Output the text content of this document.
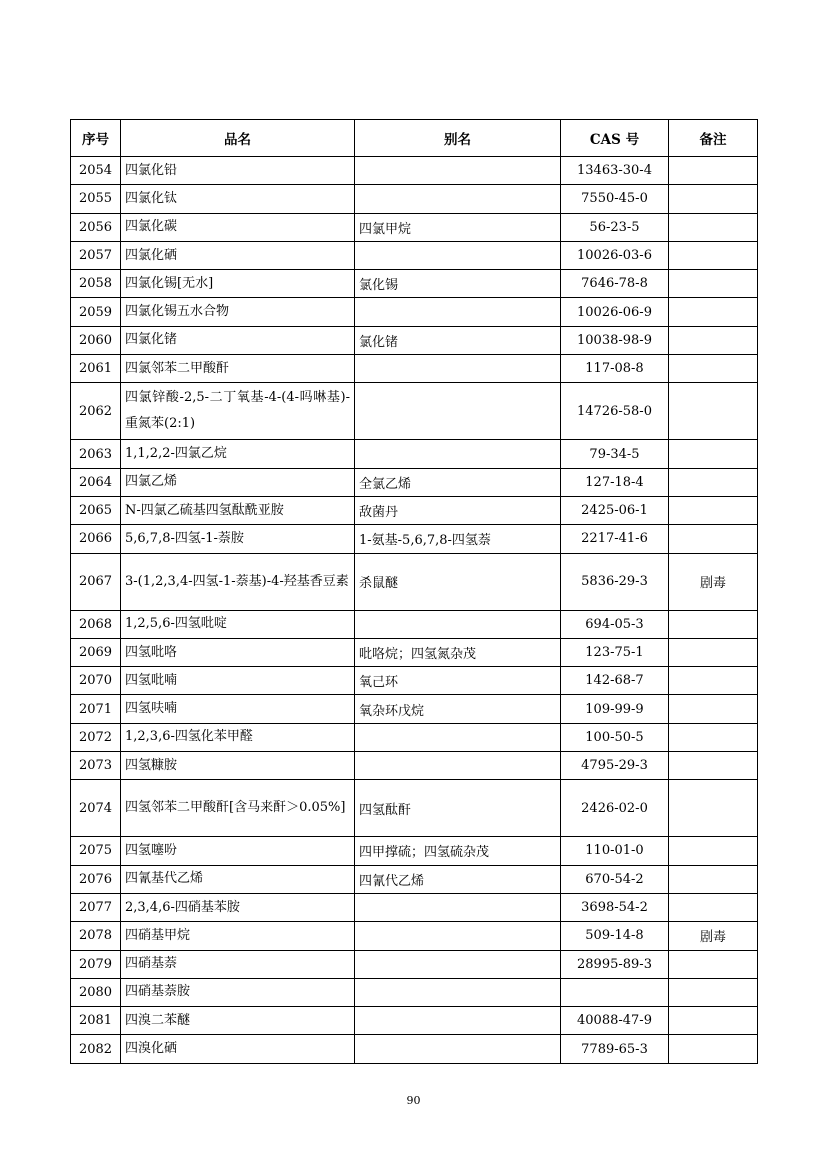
序号	品名	别名	CAS 号	备注
2054	四氯化铅		13463-30-4	
2055	四氯化钛		7550-45-0	
2056	四氯化碳	四氯甲烷	56-23-5	
2057	四氯化硒		10026-03-6	
2058	四氯化锡[无水]	氯化锡	7646-78-8	
2059	四氯化锡五水合物		10026-06-9	
2060	四氯化锗	氯化锗	10038-98-9	
2061	四氯邻苯二甲酸酐		117-08-8	
2062	四氯锌酸-2,5-二丁氧基-4-(4-吗啉基)-重氮苯(2:1)		14726-58-0	
2063	1,1,2,2-四氯乙烷		79-34-5	
2064	四氯乙烯	全氯乙烯	127-18-4	
2065	N-四氯乙硫基四氢酞酰亚胺	敌菌丹	2425-06-1	
2066	5,6,7,8-四氢-1-萘胺	1-氨基-5,6,7,8-四氢萘	2217-41-6	
2067	3-(1,2,3,4-四氢-1-萘基)-4-羟基香豆素	杀鼠醚	5836-29-3	剧毒
2068	1,2,5,6-四氢吡啶		694-05-3	
2069	四氢吡咯	吡咯烷；四氢氮杂茂	123-75-1	
2070	四氢吡喃	氧己环	142-68-7	
2071	四氢呋喃	氧杂环戊烷	109-99-9	
2072	1,2,3,6-四氢化苯甲醛		100-50-5	
2073	四氢糠胺		4795-29-3	
2074	四氢邻苯二甲酸酐[含马来酐＞0.05%]	四氢酞酐	2426-02-0	
2075	四氢噻吩	四甲撑硫；四氢硫杂茂	110-01-0	
2076	四氰基代乙烯	四氰代乙烯	670-54-2	
2077	2,3,4,6-四硝基苯胺		3698-54-2	
2078	四硝基甲烷		509-14-8	剧毒
2079	四硝基萘		28995-89-3	
2080	四硝基萘胺			
2081	四溴二苯醚		40088-47-9	
2082	四溴化硒		7789-65-3	
90
